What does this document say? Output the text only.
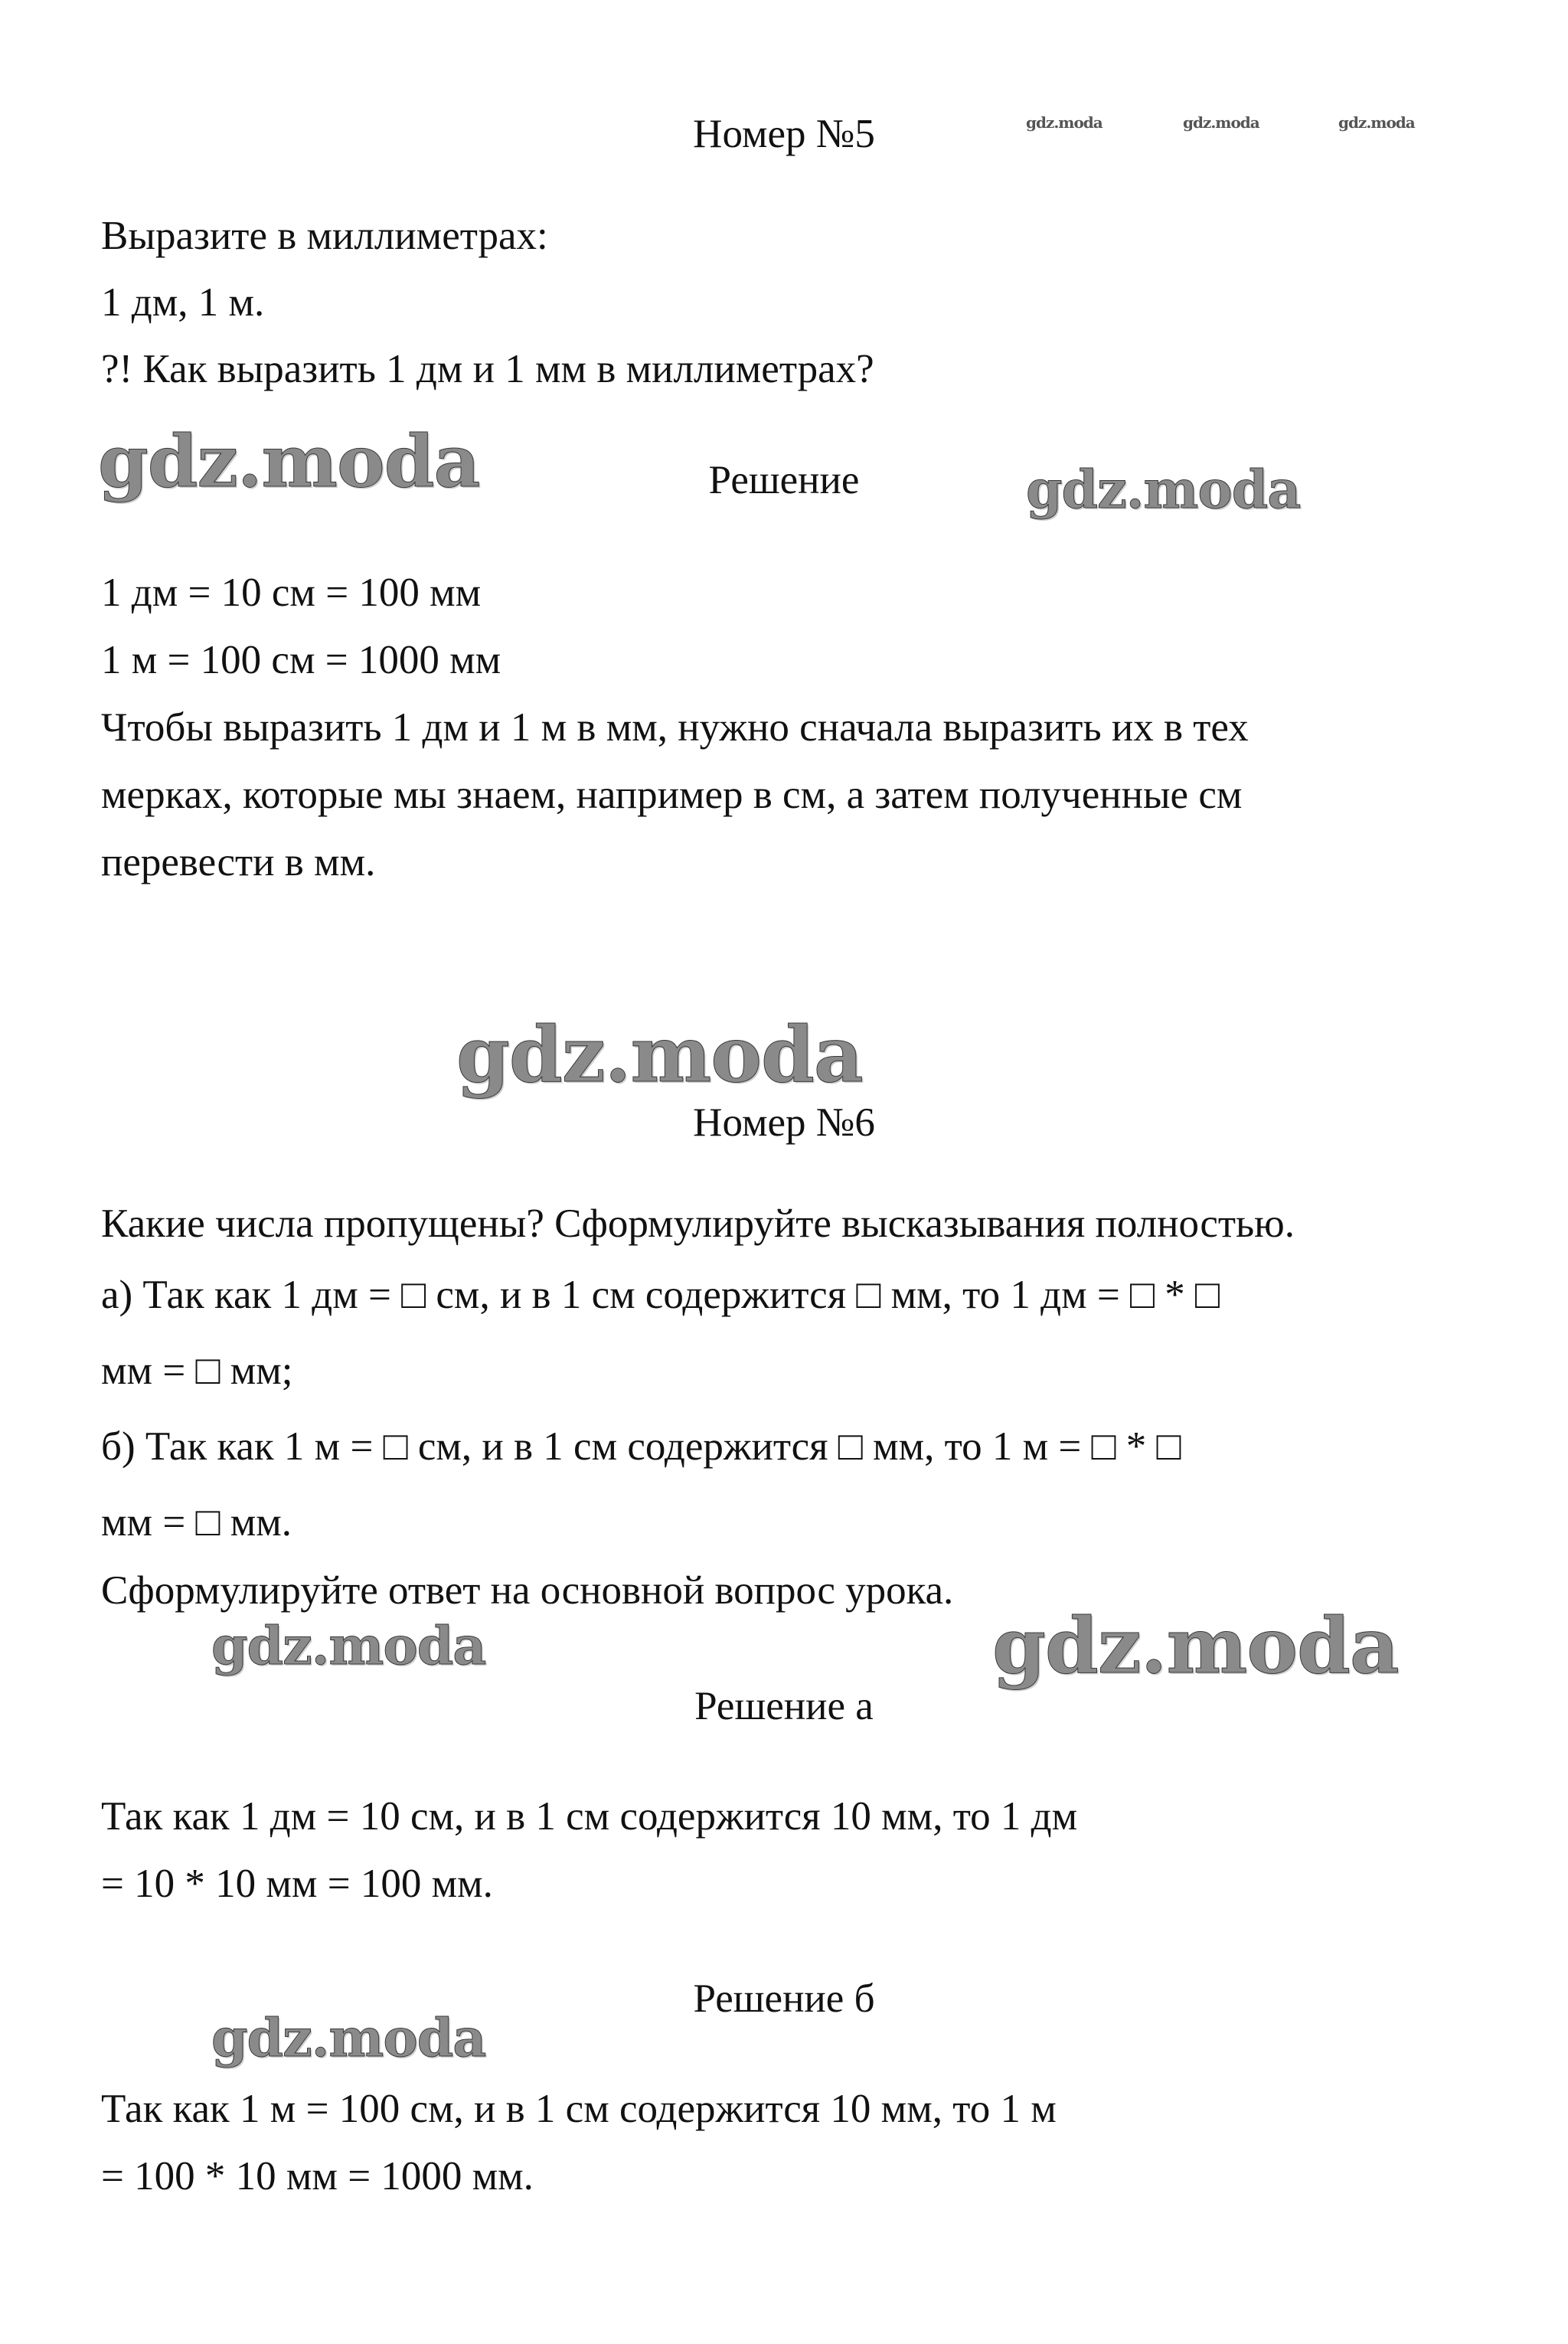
gdz.moda	gdz.moda	gdz.moda
gdz.moda	gdz.moda
gdz.moda
gdz.moda	gdz.moda
gdz.moda
Номер №5
Выразите в миллиметрах:
1 дм, 1 м.
?! Как выразить 1 дм и 1 мм в миллиметрах?
Решение
1 дм = 10 см = 100 мм
1 м = 100 см = 1000 мм
Чтобы выразить 1 дм и 1 м в мм, нужно сначала выразить их в тех
мерках, которые мы знаем, например в см, а затем полученные см
перевести в мм.
Номер №6
Какие числа пропущены? Сформулируйте высказывания полностью.
а) Так как 1 дм = □ см, и в 1 см содержится □ мм, то 1 дм = □ * □
мм = □ мм;
б) Так как 1 м = □ см, и в 1 см содержится □ мм, то 1 м = □ * □
мм = □ мм.
Сформулируйте ответ на основной вопрос урока.
Решение а
Так как 1 дм = 10 см, и в 1 см содержится 10 мм, то 1 дм
= 10 * 10 мм = 100 мм.
Решение б
Так как 1 м = 100 см, и в 1 см содержится 10 мм, то 1 м
= 100 * 10 мм = 1000 мм.
